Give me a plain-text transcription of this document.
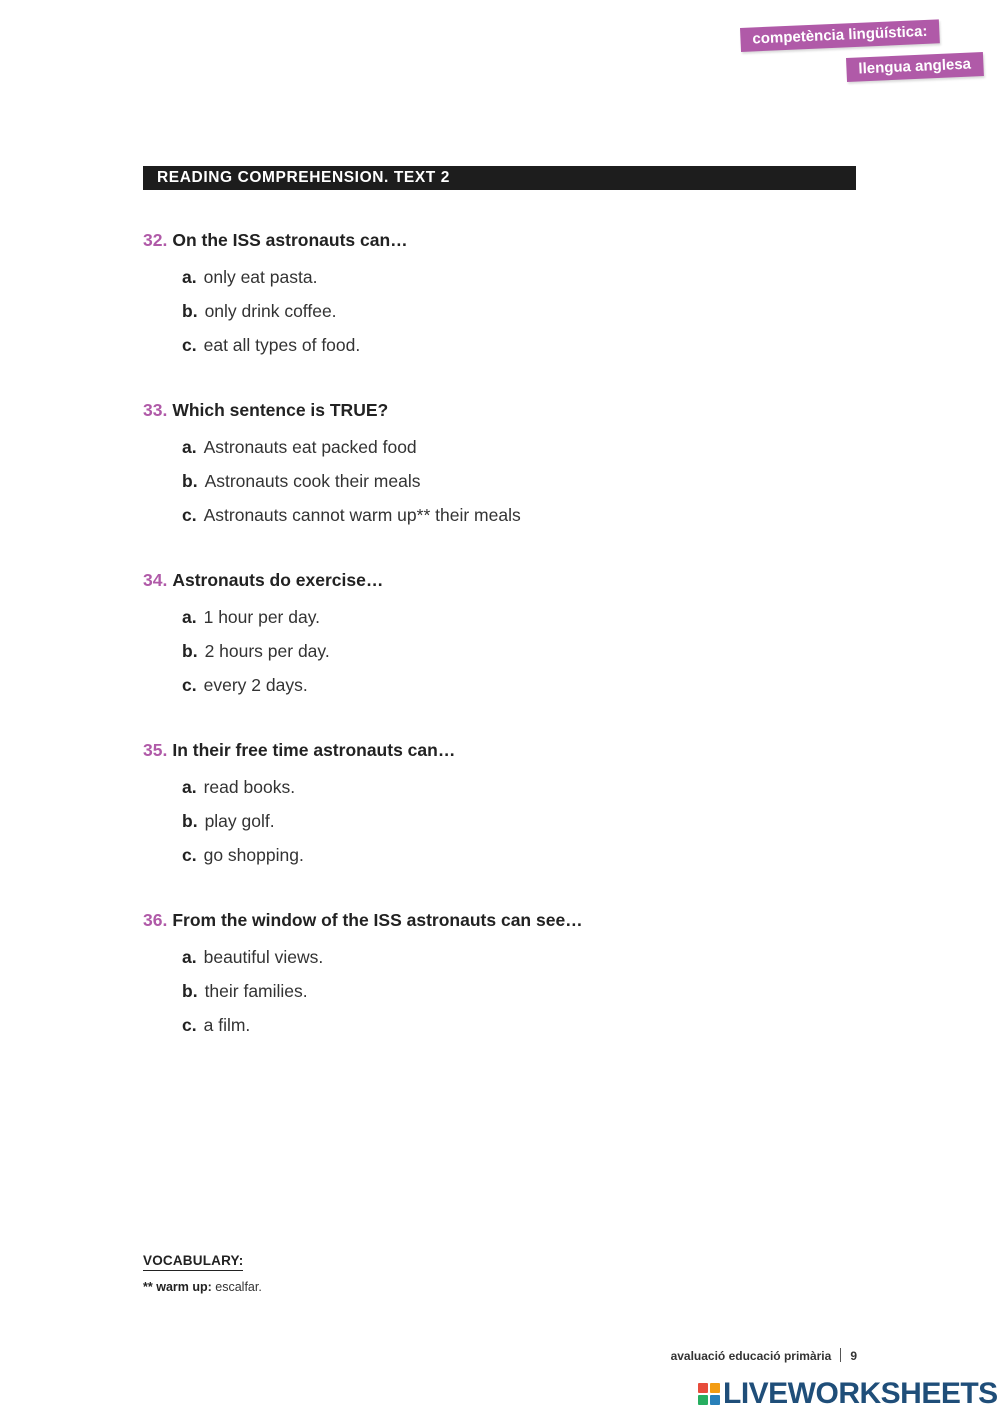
competència lingüística:
llengua anglesa
READING COMPREHENSION. TEXT 2
32. On the ISS astronauts can…
a. only eat pasta.
b. only drink coffee.
c. eat all types of food.
33. Which sentence is TRUE?
a. Astronauts eat packed food
b. Astronauts cook their meals
c. Astronauts cannot warm up** their meals
34. Astronauts do exercise…
a. 1 hour per day.
b. 2 hours per day.
c. every 2 days.
35. In their free time astronauts can…
a. read books.
b. play golf.
c. go shopping.
36. From the window of the ISS astronauts can see…
a. beautiful views.
b. their families.
c. a film.
VOCABULARY:
** warm up: escalfar.
avaluació educació primària 9
LIVEWORKSHEETS
